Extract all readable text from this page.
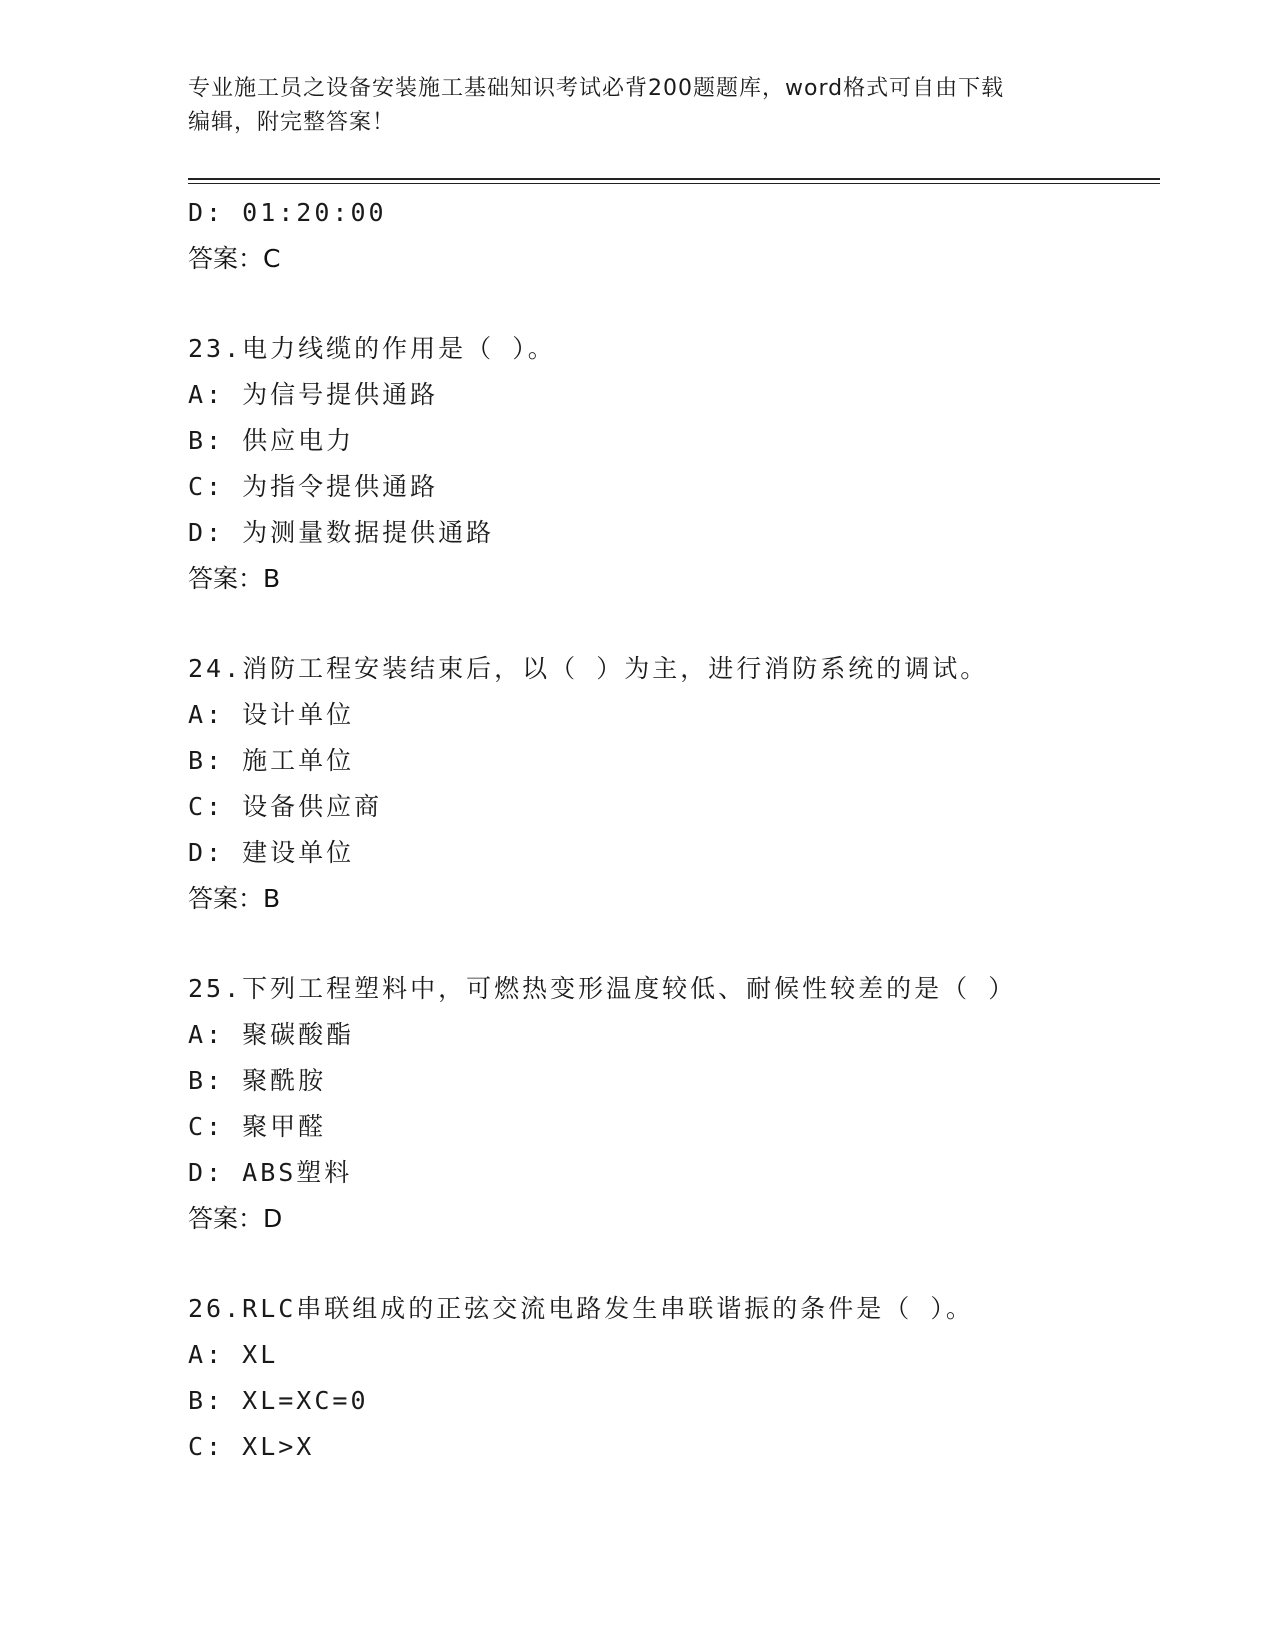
专业施工员之设备安装施工基础知识考试必背200题题库，word格式可自由下载
编辑，附完整答案！
D: 01:20:00
答案：C
23.电力线缆的作用是（ ）。
A: 为信号提供通路
B: 供应电力
C: 为指令提供通路
D: 为测量数据提供通路
答案：B
24.消防工程安装结束后，以（ ）为主，进行消防系统的调试。
A: 设计单位
B: 施工单位
C: 设备供应商
D: 建设单位
答案：B
25.下列工程塑料中，可燃热变形温度较低、耐候性较差的是（ ）
A: 聚碳酸酯
B: 聚酰胺
C: 聚甲醛
D: ABS塑料
答案：D
26.RLC串联组成的正弦交流电路发生串联谐振的条件是（ ）。
A: XL
B: XL=XC=0
C: XL>X
